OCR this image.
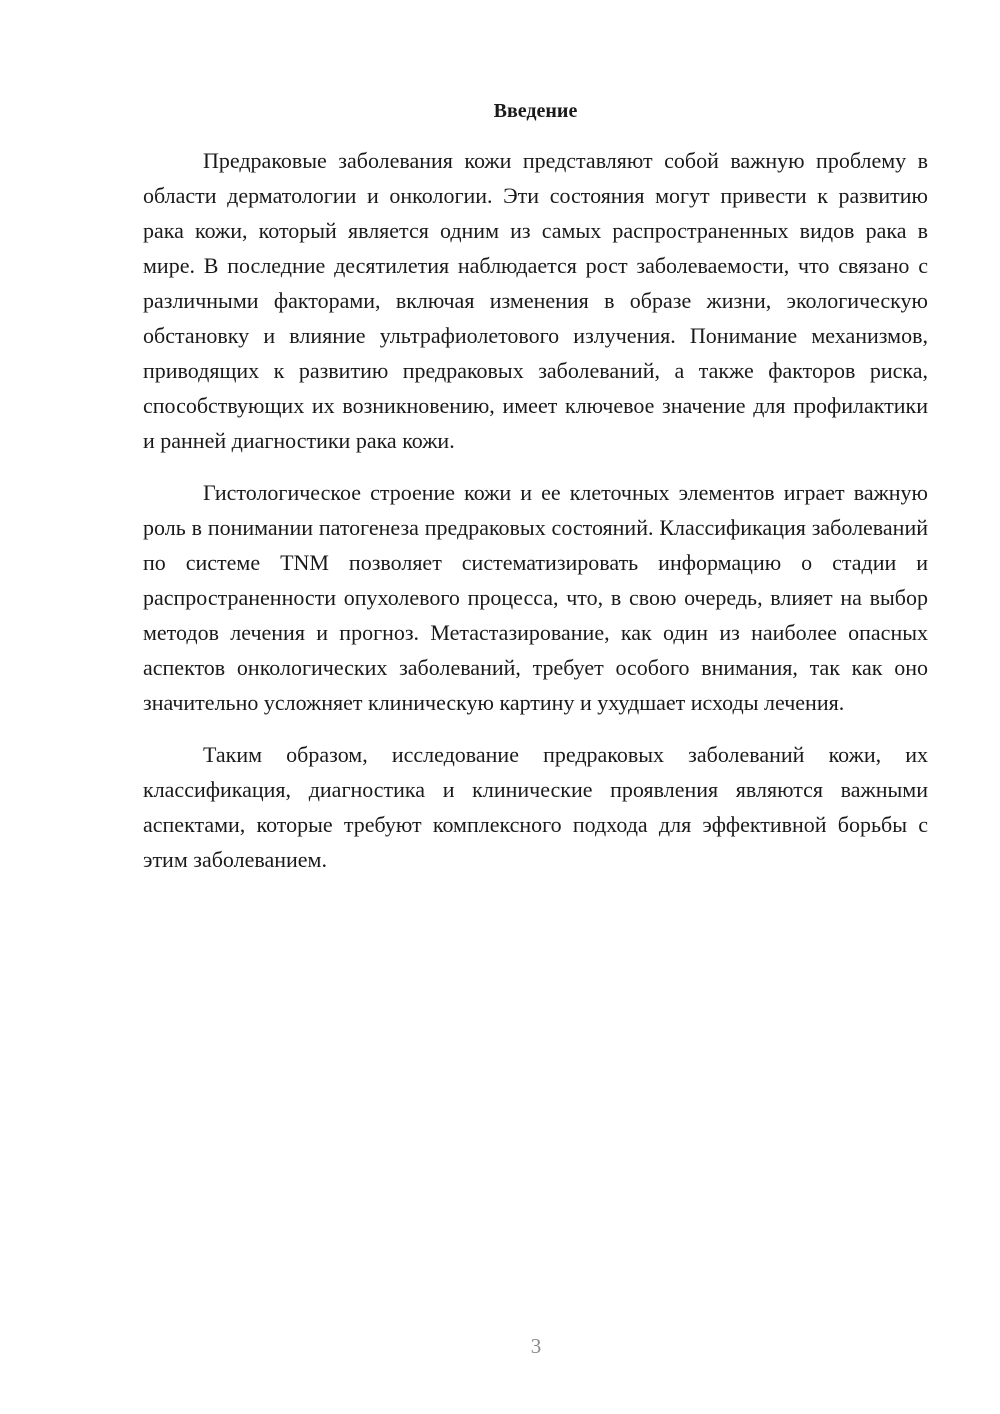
Введение

Предраковые заболевания кожи представляют собой важную проблему в области дерматологии и онкологии. Эти состояния могут привести к развитию рака кожи, который является одним из самых распространенных видов рака в мире. В последние десятилетия наблюдается рост заболеваемости, что связано с различными факторами, включая изменения в образе жизни, экологическую обстановку и влияние ультрафиолетового излучения. Понимание механизмов, приводящих к развитию предраковых заболеваний, а также факторов риска, способствующих их возникновению, имеет ключевое значение для профилактики и ранней диагностики рака кожи.

Гистологическое строение кожи и ее клеточных элементов играет важную роль в понимании патогенеза предраковых состояний. Классификация заболеваний по системе TNM позволяет систематизировать информацию о стадии и распространенности опухолевого процесса, что, в свою очередь, влияет на выбор методов лечения и прогноз. Метастазирование, как один из наиболее опасных аспектов онкологических заболеваний, требует особого внимания, так как оно значительно усложняет клиническую картину и ухудшает исходы лечения.

Таким образом, исследование предраковых заболеваний кожи, их классификация, диагностика и клинические проявления являются важными аспектами, которые требуют комплексного подхода для эффективной борьбы с этим заболеванием.

3
